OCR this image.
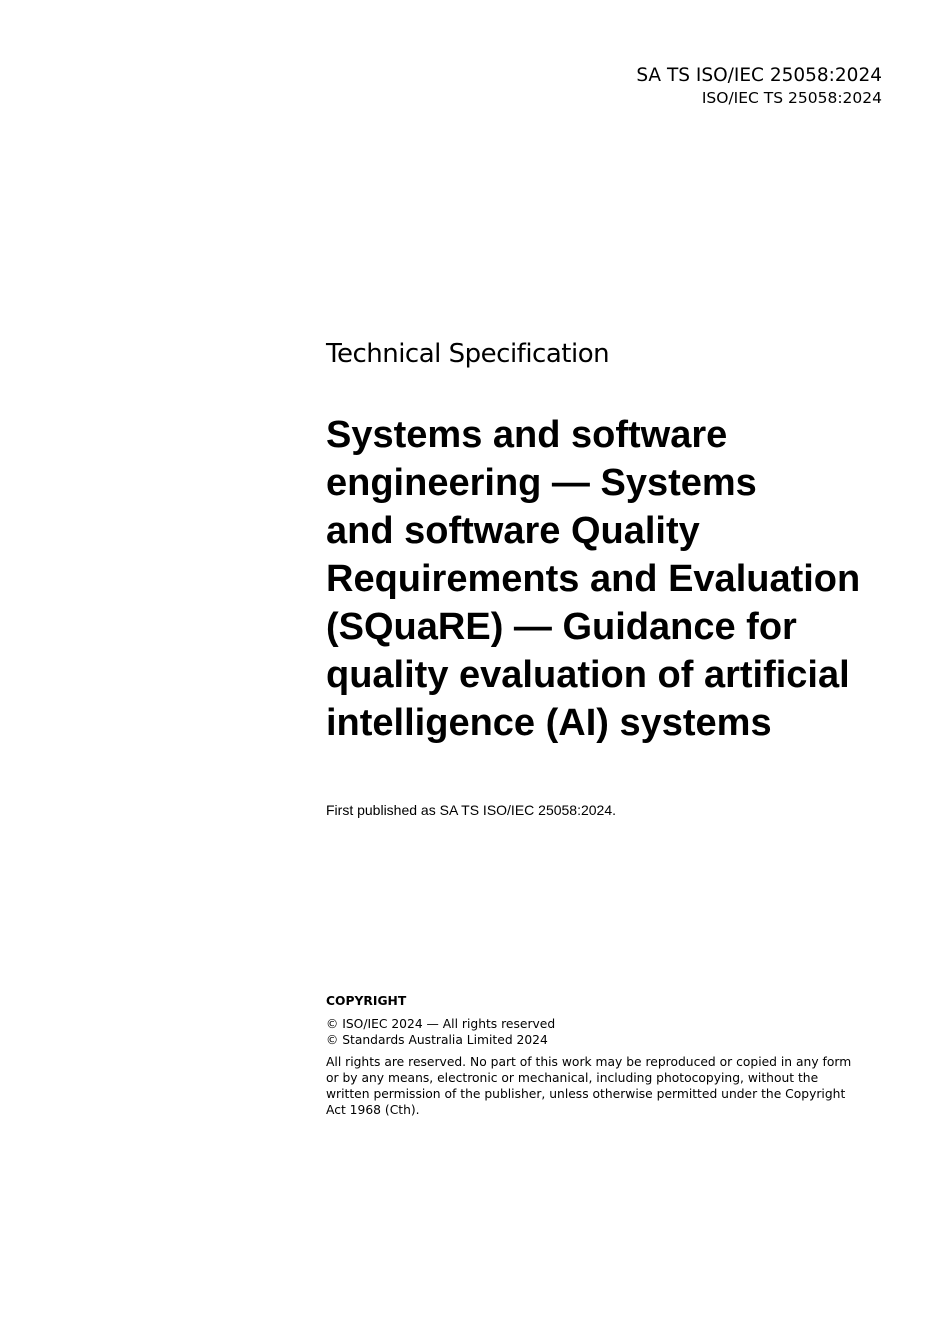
SA TS ISO/IEC 25058:2024
ISO/IEC TS 25058:2024
Technical Specification
Systems and software
engineering — Systems
and software Quality
Requirements and Evaluation
(SQuaRE) — Guidance for
quality evaluation of artificial
intelligence (AI) systems
First published as SA TS ISO/IEC 25058:2024.
COPYRIGHT
© ISO/IEC 2024 — All rights reserved
© Standards Australia Limited 2024
All rights are reserved. No part of this work may be reproduced or copied in any form or by any means, electronic or mechanical, including photocopying, without the written permission of the publisher, unless otherwise permitted under the Copyright Act 1968 (Cth).
